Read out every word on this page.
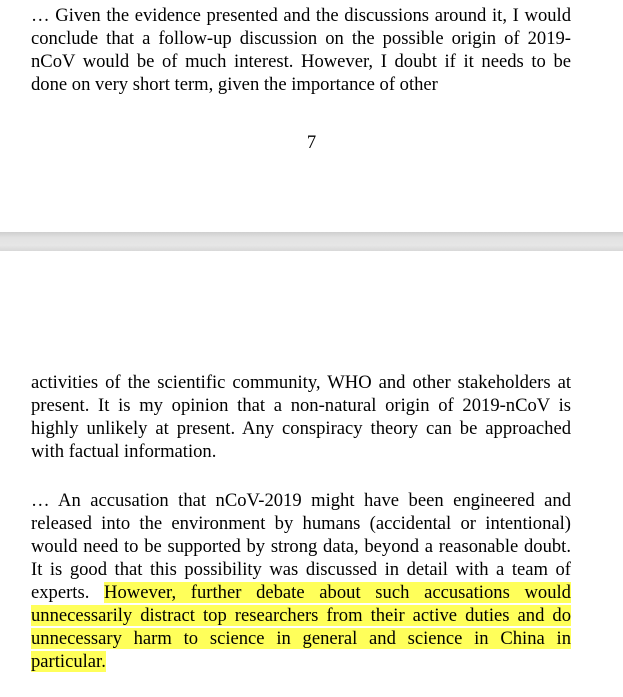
… Given the evidence presented and the discussions around it, I would conclude that a follow-up discussion on the possible origin of 2019-nCoV would be of much interest. However, I doubt if it needs to be done on very short term, given the importance of other

7

activities of the scientific community, WHO and other stakeholders at present. It is my opinion that a non-natural origin of 2019-nCoV is highly unlikely at present. Any conspiracy theory can be approached with factual information.

… An accusation that nCoV-2019 might have been engineered and released into the environment by humans (accidental or intentional) would need to be supported by strong data, beyond a reasonable doubt. It is good that this possibility was discussed in detail with a team of experts. However, further debate about such accusations would unnecessarily distract top researchers from their active duties and do unnecessary harm to science in general and science in China in particular.
